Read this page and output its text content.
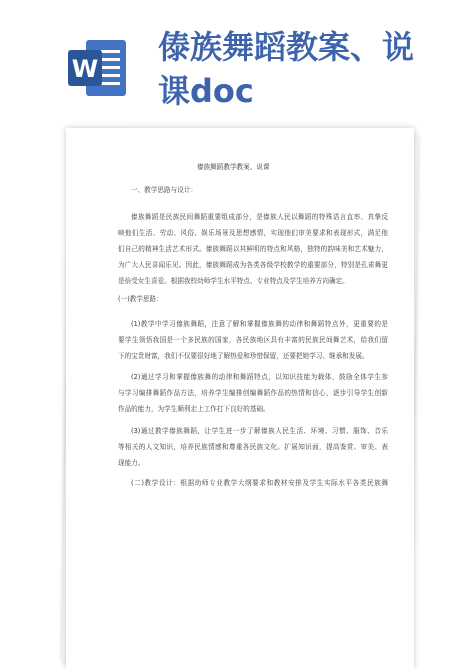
W
傣族舞蹈教案、说
课doc
傣族舞蹈教学教案、说课
一、教学思路与设计：
傣族舞蹈是民族民间舞蹈重要组成部分，是傣族人民以舞蹈的特殊语言直率、真挚反
映他们生活、劳动、风俗、娱乐场景及思想感情，实现他们审美要求和表现形式，满足他
们自己的精神生活艺术形式。傣族舞蹈以其鲜明的特点和风格，独特的韵味美和艺术魅力，
为广大人民喜闻乐见。因此，傣族舞蹈成为各类各级学校教学的重要部分，特别是孔雀舞更
是倍受女生喜爱。根据我校幼师学生水平特点、专业特点及学生培养方向确定。
(一)教学思路：
(1)教学中学习傣族舞蹈，注意了解和掌握傣族舞的动律和舞蹈特点外，更重要的是
要学生领悟我国是一个多民族的国家，各民族地区具有丰富的民族民间舞艺术，给我们留
下的宝贵财富，我们不仅要很好地了解热爱和珍惜保留，还要把她学习、继承和发展。
(2)通过学习和掌握傣族舞的动律和舞蹈特点，以知识技能为载体，鼓励全体学生参
与学习编排舞蹈作品方法，培养学生编排创编舞蹈作品的热情和信心，逐步引导学生创新
作品的能力，为学生顺利走上工作打下良好的基础。
(3)通过教学傣族舞蹈，让学生进一步了解傣族人民生活、环境、习惯、服饰、音乐
等相关的人文知识，培养民族情感和尊重各民族文化。扩展知识面，提高鉴赏、审美、表
现能力。
(二)教学设计：根据幼师专业教学大纲要求和教材安排及学生实际水平各类民族舞
